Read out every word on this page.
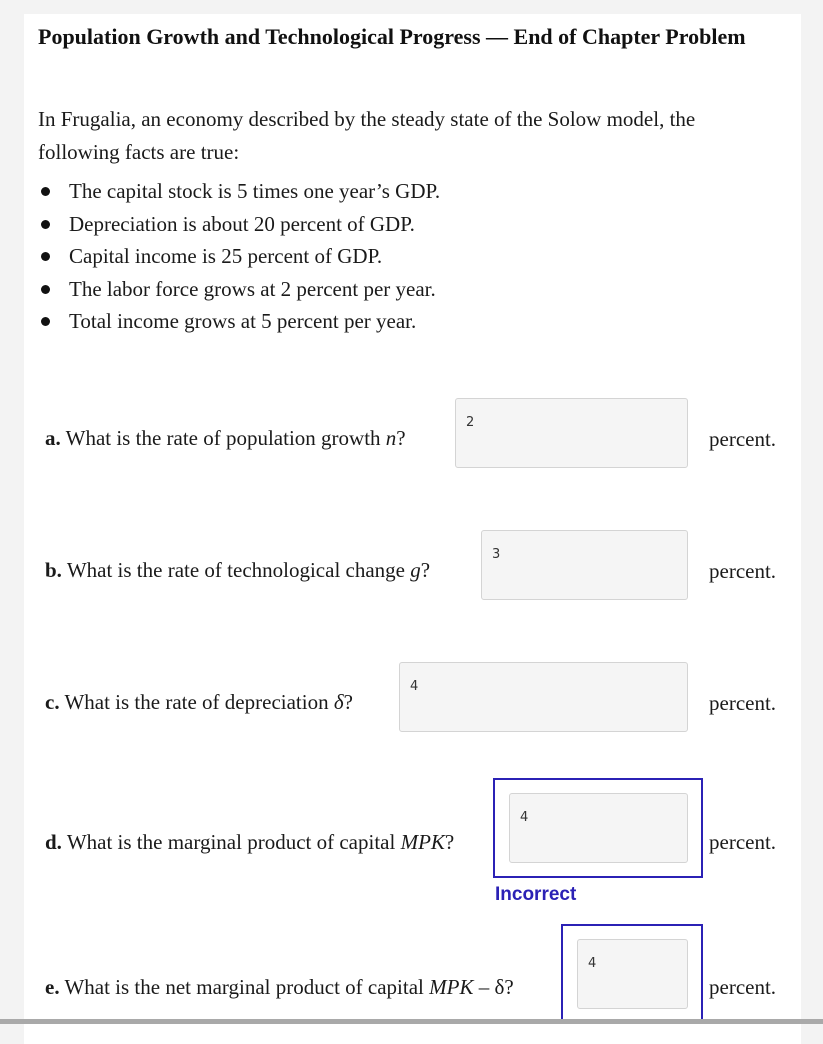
Population Growth and Technological Progress — End of Chapter Problem
In Frugalia, an economy described by the steady state of the Solow model, the following facts are true:
The capital stock is 5 times one year’s GDP.
Depreciation is about 20 percent of GDP.
Capital income is 25 percent of GDP.
The labor force grows at 2 percent per year.
Total income grows at 5 percent per year.
a. What is the rate of population growth n?
2
percent.
b. What is the rate of technological change g?
3
percent.
c. What is the rate of depreciation δ?
4
percent.
d. What is the marginal product of capital MPK?
4
percent.
Incorrect
e. What is the net marginal product of capital MPK – δ?
4
percent.
